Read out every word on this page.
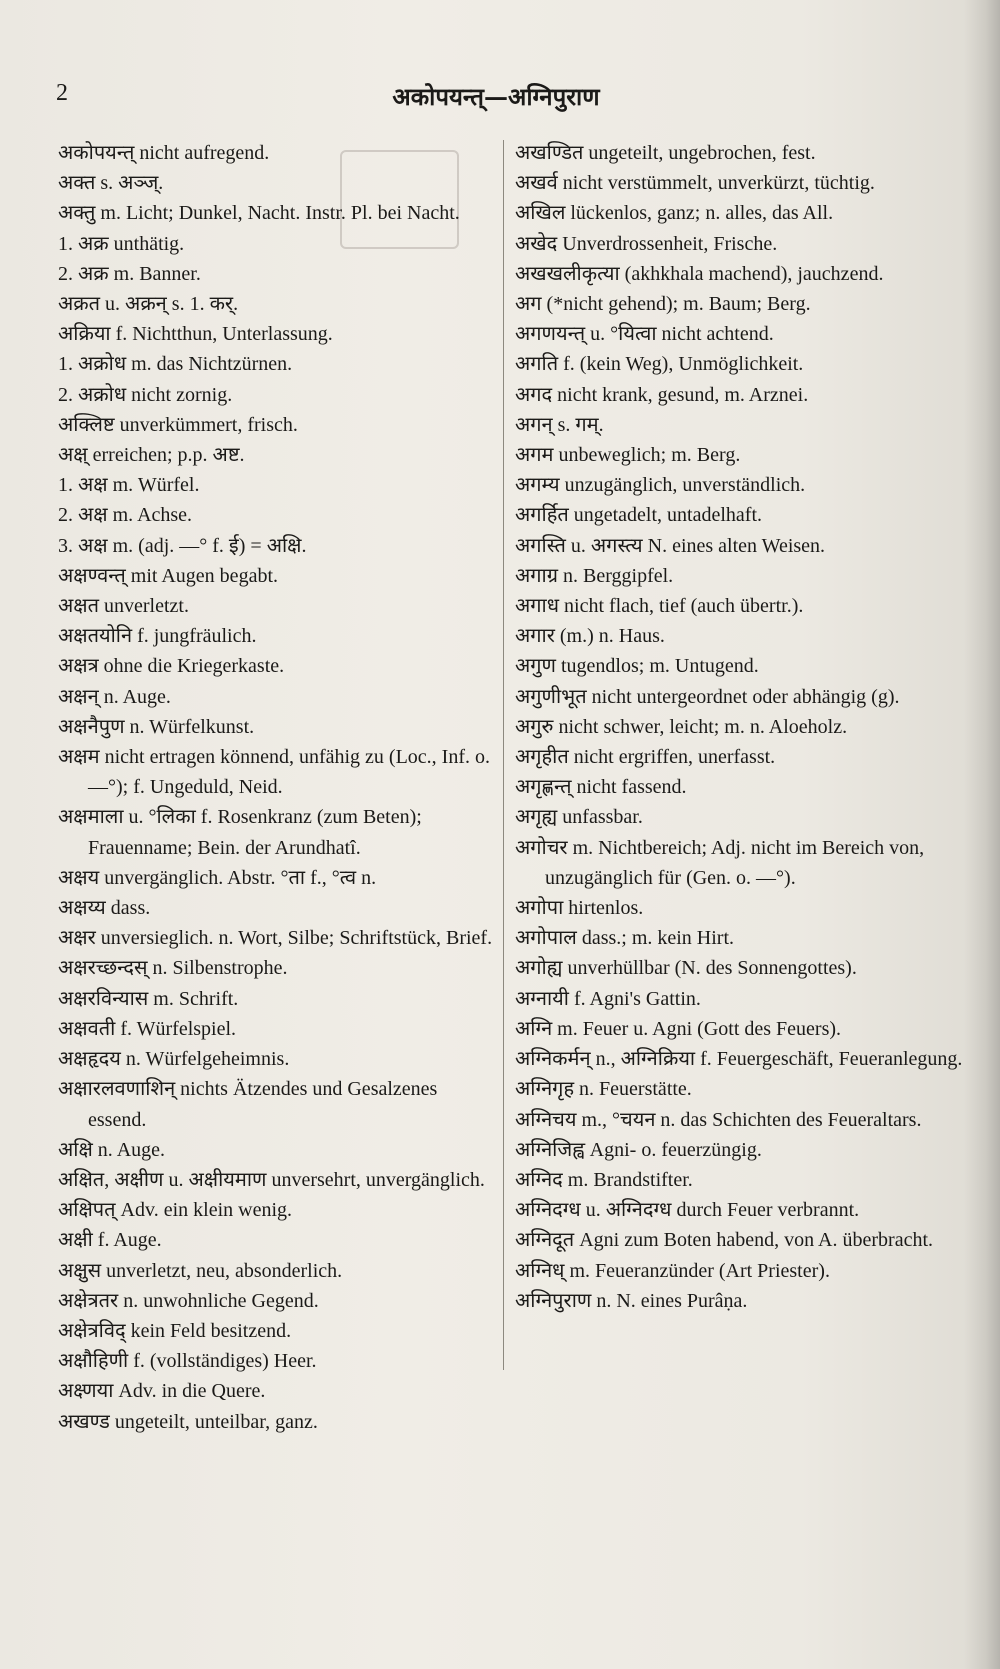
2	अकोपयन्त्—अग्निपुराण
अकोपयन्त् nicht aufregend.
अक्त s. अञ्ज्.
अक्तु m. Licht; Dunkel, Nacht. Instr. Pl. bei Nacht.
1. अक्र unthätig.
2. अक्र m. Banner.
अक्रत u. अक्रन् s. 1. कर्.
अक्रिया f. Nichtthun, Unterlassung.
1. अक्रोध m. das Nichtzürnen.
2. अक्रोध nicht zornig.
अक्लिष्ट unverkümmert, frisch.
अक्ष् erreichen; p.p. अष्ट.
1. अक्ष m. Würfel.
2. अक्ष m. Achse.
3. अक्ष m. (adj. —° f. ई) = अक्षि.
अक्षण्वन्त् mit Augen begabt.
अक्षत unverletzt.
अक्षतयोनि f. jungfräulich.
अक्षत्र ohne die Kriegerkaste.
अक्षन् n. Auge.
अक्षनैपुण n. Würfelkunst.
अक्षम nicht ertragen könnend, unfähig zu (Loc., Inf. o. —°); f. Ungeduld, Neid.
अक्षमाला u. °लिका f. Rosenkranz (zum Beten); Frauenname; Bein. der Arundhatî.
अक्षय unvergänglich. Abstr. °ता f., °त्व n.
अक्षय्य dass.
अक्षर unversieglich. n. Wort, Silbe; Schriftstück, Brief.
अक्षरच्छन्दस् n. Silbenstrophe.
अक्षरविन्यास m. Schrift.
अक्षवती f. Würfelspiel.
अक्षहृदय n. Würfelgeheimnis.
अक्षारलवणाशिन् nichts Ätzendes und Gesalzenes essend.
अक्षि n. Auge.
अक्षित, अक्षीण u. अक्षीयमाण unversehrt, unvergänglich.
अक्षिपत् Adv. ein klein wenig.
अक्षी f. Auge.
अक्षुस unverletzt, neu, absonderlich.
अक्षेत्रतर n. unwohnliche Gegend.
अक्षेत्रविद् kein Feld besitzend.
अक्षौहिणी f. (vollständiges) Heer.
अक्ष्णया Adv. in die Quere.
अखण्ड ungeteilt, unteilbar, ganz.
अखण्डित ungeteilt, ungebrochen, fest.
अखर्व nicht verstümmelt, unverkürzt, tüchtig.
अखिल lückenlos, ganz; n. alles, das All.
अखेद Unverdrossenheit, Frische.
अखखलीकृत्या (akhkhala machend), jauchzend.
अग (*nicht gehend); m. Baum; Berg.
अगणयन्त् u. °यित्वा nicht achtend.
अगति f. (kein Weg), Unmöglichkeit.
अगद nicht krank, gesund, m. Arznei.
अगन् s. गम्.
अगम unbeweglich; m. Berg.
अगम्य unzugänglich, unverständlich.
अगर्हित ungetadelt, untadelhaft.
अगस्ति u. अगस्त्य N. eines alten Weisen.
अगाग्र n. Berggipfel.
अगाध nicht flach, tief (auch übertr.).
अगार (m.) n. Haus.
अगुण tugendlos; m. Untugend.
अगुणीभूत nicht untergeordnet oder abhängig (g).
अगुरु nicht schwer, leicht; m. n. Aloeholz.
अगृहीत nicht ergriffen, unerfasst.
अगृह्णन्त् nicht fassend.
अगृह्य unfassbar.
अगोचर m. Nichtbereich; Adj. nicht im Bereich von, unzugänglich für (Gen. o. —°).
अगोपा hirtenlos.
अगोपाल dass.; m. kein Hirt.
अगोह्य unverhüllbar (N. des Sonnengottes).
अग्नायी f. Agni's Gattin.
अग्नि m. Feuer u. Agni (Gott des Feuers).
अग्निकर्मन् n., अग्निक्रिया f. Feuergeschäft, Feueranlegung.
अग्निगृह n. Feuerstätte.
अग्निचय m., °चयन n. das Schichten des Feueraltars.
अग्निजिह्व Agni- o. feuerzüngig.
अग्निद m. Brandstifter.
अग्निदग्ध u. अग्निदग्ध durch Feuer verbrannt.
अग्निदूत Agni zum Boten habend, von A. überbracht.
अग्निध् m. Feueranzünder (Art Priester).
अग्निपुराण n. N. eines Purâṇa.
